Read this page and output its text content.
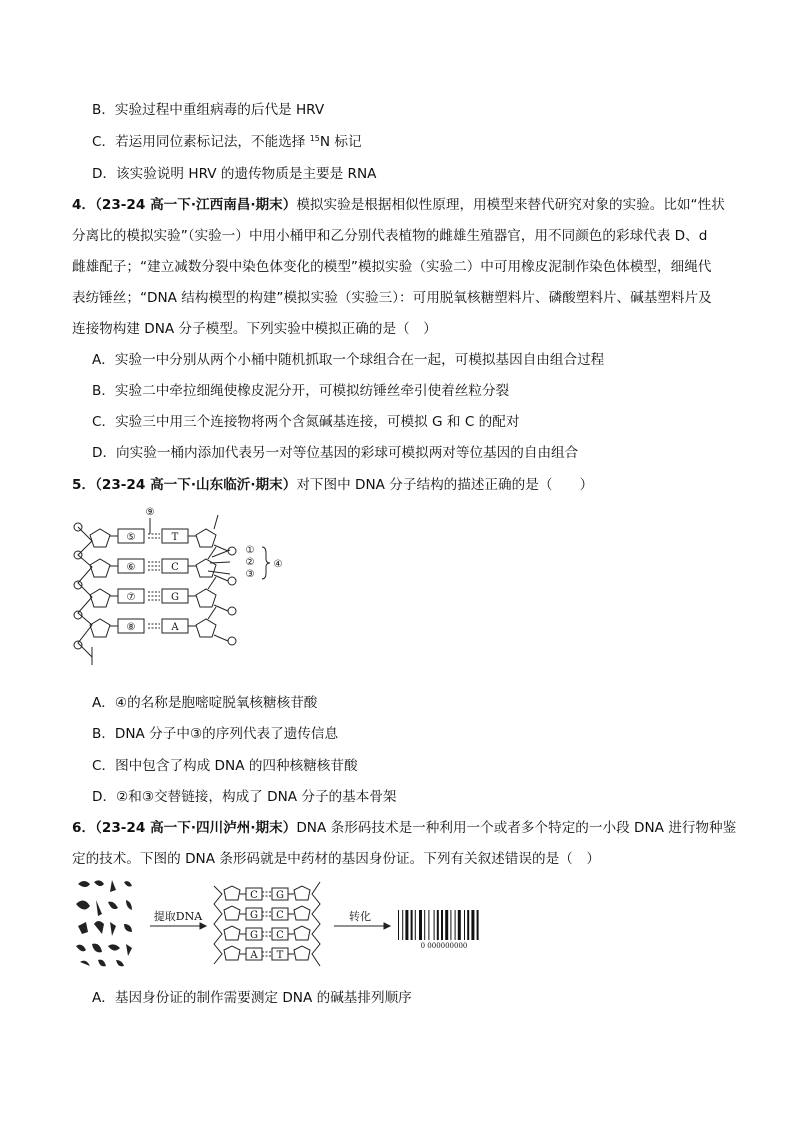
B．实验过程中重组病毒的后代是 HRV
C．若运用同位素标记法，不能选择 $^{15}$N 标记
D．该实验说明 HRV 的遗传物质是主要是 RNA
4．（23-24 高一下·江西南昌·期末）模拟实验是根据相似性原理，用模型来替代研究对象的实验。比如“性状
分离比的模拟实验”（实验一）中用小桶甲和乙分别代表植物的雌雄生殖器官，用不同颜色的彩球代表 D、d
雌雄配子；“建立减数分裂中染色体变化的模型”模拟实验（实验二）中可用橡皮泥制作染色体模型，细绳代
表纺锤丝；“DNA 结构模型的构建”模拟实验（实验三）：可用脱氧核糖塑料片、磷酸塑料片、碱基塑料片及
连接物构建 DNA 分子模型。下列实验中模拟正确的是（　）
A．实验一中分别从两个小桶中随机抓取一个球组合在一起，可模拟基因自由组合过程
B．实验二中牵拉细绳使橡皮泥分开，可模拟纺锤丝牵引使着丝粒分裂
C．实验三中用三个连接物将两个含氮碱基连接，可模拟 G 和 C 的配对
D．向实验一桶内添加代表另一对等位基因的彩球可模拟两对等位基因的自由组合
5．（23-24 高一下·山东临沂·期末）对下图中 DNA 分子结构的描述正确的是（　　）
⑤
⑥
⑦
⑧
T
C
G
A
⑨
①
②
③
④
A．④的名称是胞嘧啶脱氧核糖核苷酸
B．DNA 分子中③的序列代表了遗传信息
C．图中包含了构成 DNA 的四种核糖核苷酸
D．②和③交替链接，构成了 DNA 分子的基本骨架
6．（23-24 高一下·四川泸州·期末）DNA 条形码技术是一种利用一个或者多个特定的一小段 DNA 进行物种鉴
定的技术。下图的 DNA 条形码就是中药材的基因身份证。下列有关叙述错误的是（　）
提取DNA
C G
G C
G C
A T
转化
0 000000000
A．基因身份证的制作需要测定 DNA 的碱基排列顺序
